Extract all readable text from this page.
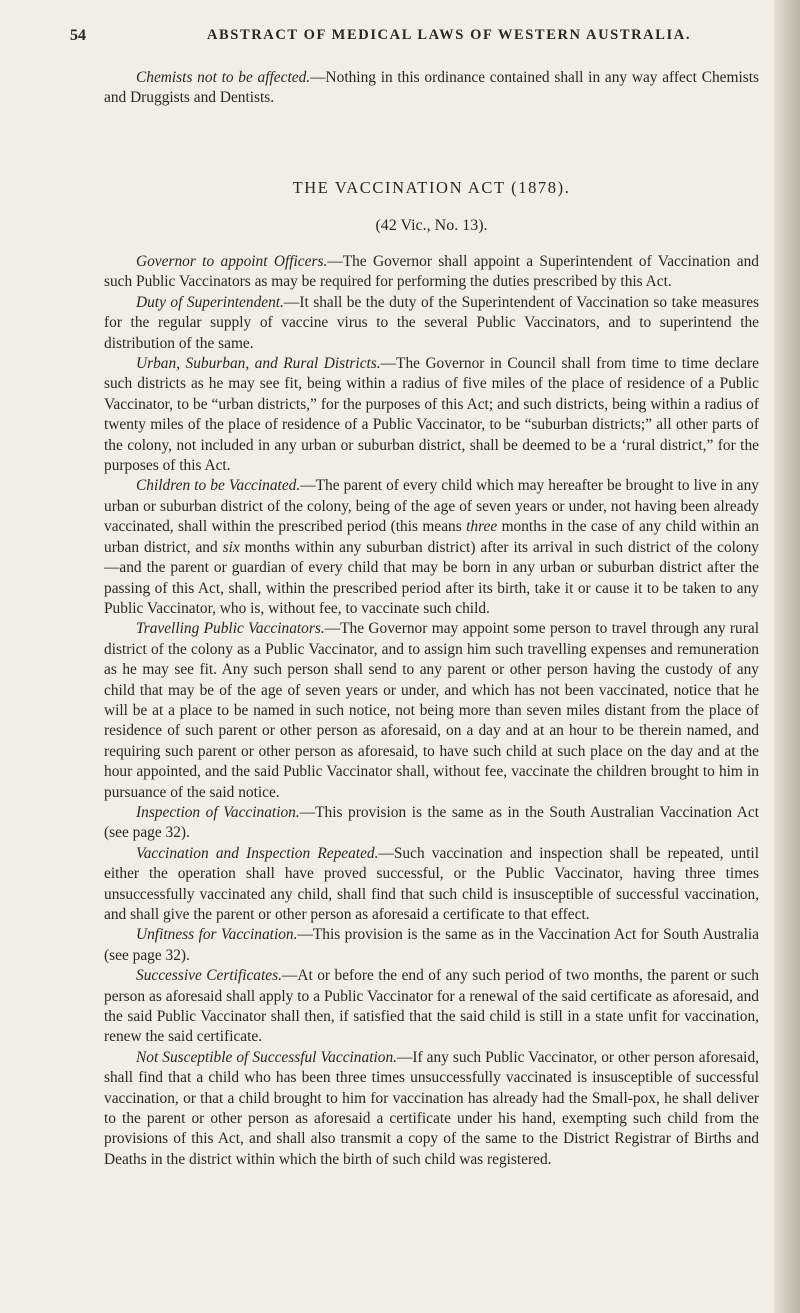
54	ABSTRACT OF MEDICAL LAWS OF WESTERN AUSTRALIA.

Chemists not to be affected.—Nothing in this ordinance contained shall in any way affect Chemists and Druggists and Dentists.

THE VACCINATION ACT (1878).
(42 Vic., No. 13).

Governor to appoint Officers.—The Governor shall appoint a Superintendent of Vaccination and such Public Vaccinators as may be required for performing the duties prescribed by this Act.

Duty of Superintendent.—It shall be the duty of the Superintendent of Vaccination so take measures for the regular supply of vaccine virus to the several Public Vaccinators, and to superintend the distribution of the same.

Urban, Suburban, and Rural Districts.—The Governor in Council shall from time to time declare such districts as he may see fit, being within a radius of five miles of the place of residence of a Public Vaccinator, to be “urban districts,” for the purposes of this Act; and such districts, being within a radius of twenty miles of the place of residence of a Public Vaccinator, to be “suburban districts;” all other parts of the colony, not included in any urban or suburban district, shall be deemed to be a ‘rural district,” for the purposes of this Act.

Children to be Vaccinated.—The parent of every child which may hereafter be brought to live in any urban or suburban district of the colony, being of the age of seven years or under, not having been already vaccinated, shall within the prescribed period (this means three months in the case of any child within an urban district, and six months within any suburban district) after its arrival in such district of the colony —and the parent or guardian of every child that may be born in any urban or suburban district after the passing of this Act, shall, within the prescribed period after its birth, take it or cause it to be taken to any Public Vaccinator, who is, without fee, to vaccinate such child.

Travelling Public Vaccinators.—The Governor may appoint some person to travel through any rural district of the colony as a Public Vaccinator, and to assign him such travelling expenses and remuneration as he may see fit. Any such person shall send to any parent or other person having the custody of any child that may be of the age of seven years or under, and which has not been vaccinated, notice that he will be at a place to be named in such notice, not being more than seven miles distant from the place of residence of such parent or other person as aforesaid, on a day and at an hour to be therein named, and requiring such parent or other person as aforesaid, to have such child at such place on the day and at the hour appointed, and the said Public Vaccinator shall, without fee, vaccinate the children brought to him in pursuance of the said notice.

Inspection of Vaccination.—This provision is the same as in the South Australian Vaccination Act (see page 32).

Vaccination and Inspection Repeated.—Such vaccination and inspection shall be repeated, until either the operation shall have proved successful, or the Public Vaccinator, having three times unsuccessfully vaccinated any child, shall find that such child is insusceptible of successful vaccination, and shall give the parent or other person as aforesaid a certificate to that effect.

Unfitness for Vaccination.—This provision is the same as in the Vaccination Act for South Australia (see page 32).

Successive Certificates.—At or before the end of any such period of two months, the parent or such person as aforesaid shall apply to a Public Vaccinator for a renewal of the said certificate as aforesaid, and the said Public Vaccinator shall then, if satisfied that the said child is still in a state unfit for vaccination, renew the said certificate.

Not Susceptible of Successful Vaccination.—If any such Public Vaccinator, or other person aforesaid, shall find that a child who has been three times unsuccessfully vaccinated is insusceptible of successful vaccination, or that a child brought to him for vaccination has already had the Small-pox, he shall deliver to the parent or other person as aforesaid a certificate under his hand, exempting such child from the provisions of this Act, and shall also transmit a copy of the same to the District Registrar of Births and Deaths in the district within which the birth of such child was registered.
